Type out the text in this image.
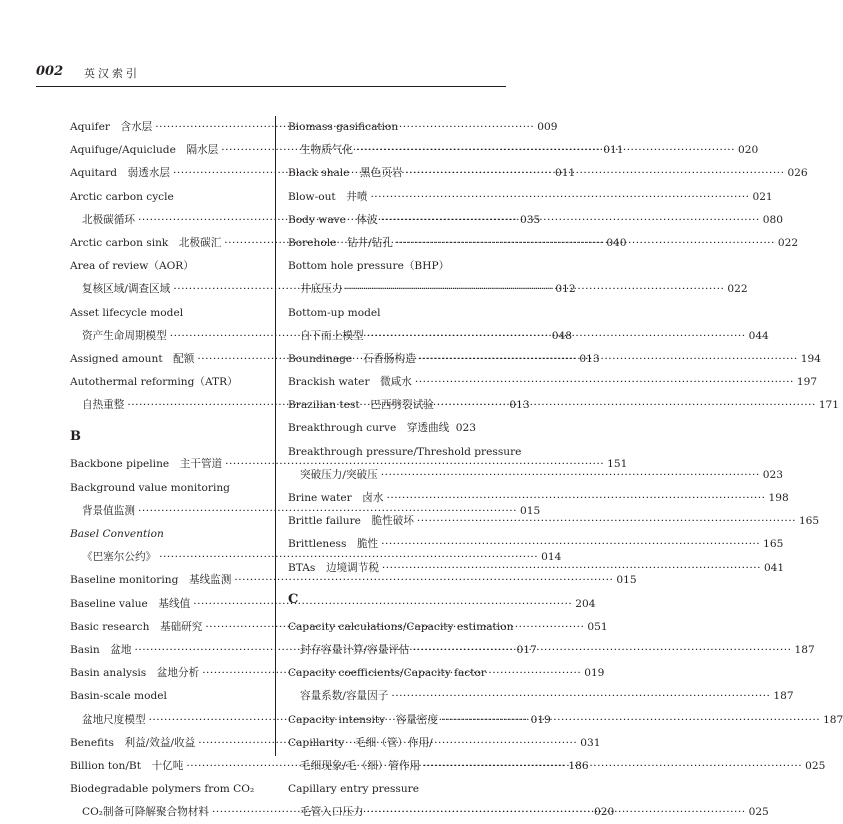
002 英汉索引
Aquifer　含水层 ·····	009
Aquifuge/Aquiclude　隔水层 ·····	011
Aquitard　弱透水层 ·····	011
Arctic carbon cycle
北极碳循环 ·····	035
Arctic carbon sink　北极碳汇 ·····	040
Area of review（AOR）
复核区域/调查区域 ·····	012
Asset lifecycle model
资产生命周期模型 ·····	048
Assigned amount　配额 ·····	013
Autothermal reforming（ATR）
自热重整 ·····	013
B
Backbone pipeline　主干管道 ·····	151
Background value monitoring
背景值监测 ·····	015
Basel Convention
《巴塞尔公约》 ·····	014
Baseline monitoring　基线监测 ·····	015
Baseline value　基线值 ·····	204
Basic research　基础研究 ·····	051
Basin　盆地 ·····	017
Basin analysis　盆地分析 ·····	019
Basin-scale model
盆地尺度模型 ·····	019
Benefits　利益/效益/收益 ·····	031
Billion ton/Bt　十亿吨 ·····	186
Biodegradable polymers from CO₂
CO₂制备可降解聚合物材料 ·····	020
Biomass gasification
生物质气化 ·····	020
Black shale　黑色页岩 ·····	026
Blow-out　井喷 ·····	021
Body wave　体波 ·····	080
Borehole　钻井/钻孔 ·····	022
Bottom hole pressure（BHP）
井底压力 ·····	022
Bottom-up model
自下而上模型 ·····	044
Boundinage　石香肠构造 ·····	194
Brackish water　微咸水 ·····	197
Brazilian test　巴西劈裂试验 ·····	171
Breakthrough curve　穿透曲线 ····· 023
Breakthrough pressure/Threshold pressure
突破压力/突破压 ·····	023
Brine water　卤水 ·····	198
Brittle failure　脆性破坏 ·····	165
Brittleness　脆性 ·····	165
BTAs　边境调节税 ·····	041
C
Capacity calculations/Capacity estimation
封存容量计算/容量评估 ·····	187
Capacity coefficients/Capacity factor
容量系数/容量因子 ·····	187
Capacity intensity　容量密度 ·····	187
Capillarity　毛细（管）作用/
毛细现象/毛（细）管作用 ·····	025
Capillary entry pressure
毛管入口压力 ·····	025
